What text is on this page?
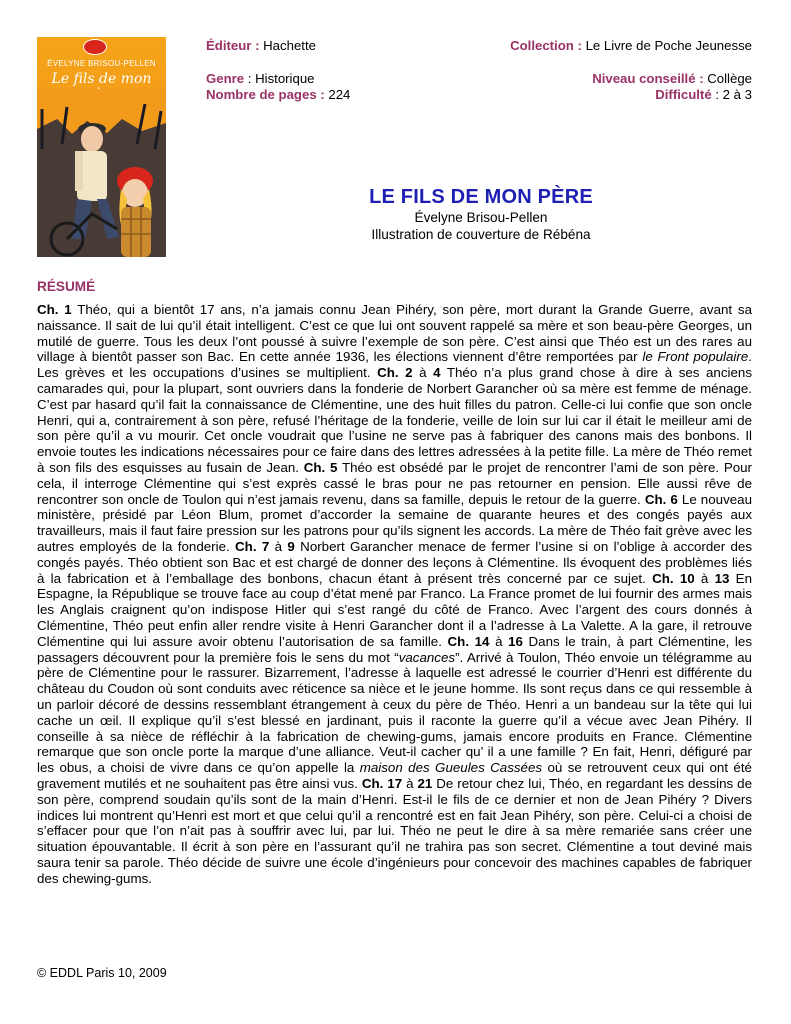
ÉVELYNE BRISOU-PELLEN
Le fils de mon
Éditeur : Hachette	Collection : Le Livre de Poche Jeunesse
Genre : Historique	Niveau conseillé : Collège
Nombre de pages : 224	Difficulté : 2 à 3
LE FILS DE MON PÈRE
Évelyne Brisou-Pellen
Illustration de couverture de Rébéna
RÉSUMÉ

Ch. 1 Théo, qui a bientôt 17 ans, n’a jamais connu Jean Pihéry, son père, mort durant la Grande Guerre, avant sa naissance. Il sait de lui qu’il était intelligent. C’est ce que lui ont souvent rappelé sa mère et son beau-père Georges, un mutilé de guerre. Tous les deux l’ont poussé à suivre l’exemple de son père. C’est ainsi que Théo est un des rares au village à bientôt passer son Bac. En cette année 1936, les élections viennent d’être remportées par le Front populaire. Les grèves et les occupations d’usines se multiplient. Ch. 2 à 4 Théo n’a plus grand chose à dire à ses anciens camarades qui, pour la plupart, sont ouvriers dans la fonderie de Norbert Garancher où sa mère est femme de ménage. C’est par hasard qu’il fait la connaissance de Clémentine, une des huit filles du patron. Celle-ci lui confie que son oncle Henri, qui a, contrairement à son père, refusé l’héritage de la fonderie, veille de loin sur lui car il était le meilleur ami de son père qu’il a vu mourir. Cet oncle voudrait que l’usine ne serve pas à fabriquer des canons mais des bonbons. Il envoie toutes les indications nécessaires pour ce faire dans des lettres adressées à la petite fille. La mère de Théo remet à son fils des esquisses au fusain de Jean. Ch. 5 Théo est obsédé par le projet de rencontrer l’ami de son père. Pour cela, il interroge Clémentine qui s’est exprès cassé le bras pour ne pas retourner en pension. Elle aussi rêve de rencontrer son oncle de Toulon qui n’est jamais revenu, dans sa famille, depuis le retour de la guerre. Ch. 6 Le nouveau ministère, présidé par Léon Blum, promet d’accorder la semaine de quarante heures et des congés payés aux travailleurs, mais il faut faire pression sur les patrons pour qu’ils signent les accords. La mère de Théo fait grève avec les autres employés de la fonderie. Ch. 7 à 9 Norbert Garancher menace de fermer l’usine si on l’oblige à accorder des congés payés. Théo obtient son Bac et est chargé de donner des leçons à Clémentine. Ils évoquent des problèmes liés à la fabrication et à l’emballage des bonbons, chacun étant à présent très concerné par ce sujet. Ch. 10 à 13 En Espagne, la République se trouve face au coup d’état mené par Franco. La France promet de lui fournir des armes mais les Anglais craignent qu’on indispose Hitler qui s’est rangé du côté de Franco. Avec l’argent des cours donnés à Clémentine, Théo peut enfin aller rendre visite à Henri Garancher dont il a l’adresse à La Valette. A la gare, il retrouve Clémentine qui lui assure avoir obtenu l’autorisation de sa famille. Ch. 14 à 16 Dans le train, à part Clémentine, les passagers découvrent pour la première fois le sens du mot “vacances”. Arrivé à Toulon, Théo envoie un télégramme au père de Clémentine pour le rassurer. Bizarrement, l’adresse à laquelle est adressé le courrier d’Henri est différente du château du Coudon où sont conduits avec réticence sa nièce et le jeune homme. Ils sont reçus dans ce qui ressemble à un parloir décoré de dessins ressemblant étrangement à ceux du père de Théo. Henri a un bandeau sur la tête qui lui cache un œil. Il explique qu’il s’est blessé en jardinant, puis il raconte la guerre qu’il a vécue avec Jean Pihéry. Il conseille à sa nièce de réfléchir à la fabrication de chewing-gums, jamais encore produits en France. Clémentine remarque que son oncle porte la marque d’une alliance. Veut-il cacher qu’ il a une famille ? En fait, Henri, défiguré par les obus, a choisi de vivre dans ce qu’on appelle la maison des Gueules Cassées où se retrouvent ceux qui ont été gravement mutilés et ne souhaitent pas être ainsi vus. Ch. 17 à 21 De retour chez lui, Théo, en regardant les dessins de son père, comprend soudain qu’ils sont de la main d’Henri. Est-il le fils de ce dernier et non de Jean Pihéry ? Divers indices lui montrent qu’Henri est mort et que celui qu’il a rencontré est en fait Jean Pihéry, son père. Celui-ci a choisi de s’effacer pour que l’on n’ait pas à souffrir avec lui, par lui. Théo ne peut le dire à sa mère remariée sans créer une situation épouvantable. Il écrit à son père en l’assurant qu’il ne trahira pas son secret. Clémentine a tout deviné mais saura tenir sa parole. Théo décide de suivre une école d’ingénieurs pour concevoir des machines capables de fabriquer des chewing-gums.

© EDDL Paris 10, 2009
